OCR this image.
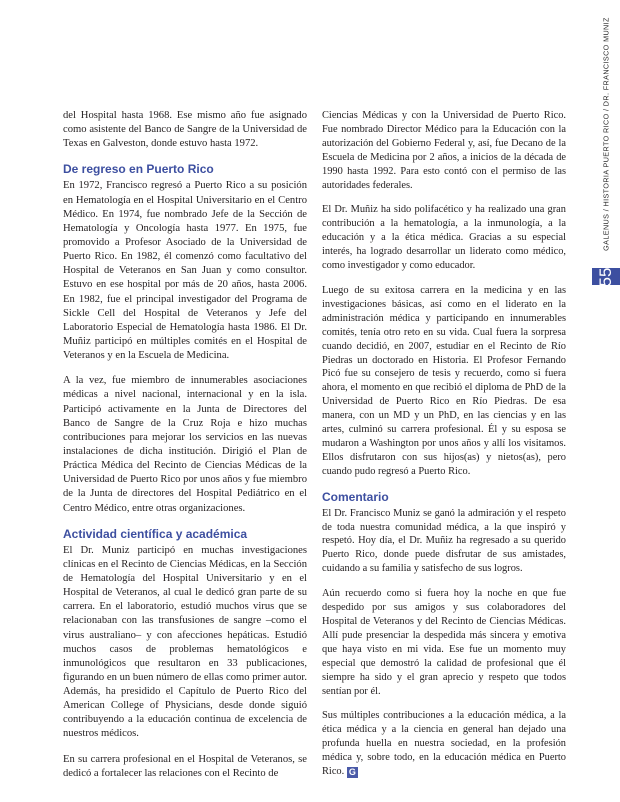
GALENUS / HISTORIA PUERTO RICO / DR. FRANCISCO MUNIZ
55

del Hospital hasta 1968. Ese mismo año fue asignado como asistente del Banco de Sangre de la Universidad de Texas en Galveston, donde estuvo hasta 1972.

De regreso en Puerto Rico

En 1972, Francisco regresó a Puerto Rico a su posición en Hematología en el Hospital Universitario en el Centro Médico. En 1974, fue nombrado Jefe de la Sección de Hematología y Oncología hasta 1977. En 1975, fue promovido a Profesor Asociado de la Universidad de Puerto Rico. En 1982, él comenzó como facultativo del Hospital de Veteranos en San Juan y como consultor. Estuvo en ese hospital por más de 20 años, hasta 2006. En 1982, fue el principal investigador del Programa de Sickle Cell del Hospital de Veteranos y Jefe del Laboratorio Especial de Hematología hasta 1986. El Dr. Muñiz participó en múltiples comités en el Hospital de Veteranos y en la Escuela de Medicina.

A la vez, fue miembro de innumerables asociaciones médicas a nivel nacional, internacional y en la isla. Participó activamente en la Junta de Directores del Banco de Sangre de la Cruz Roja e hizo muchas contribuciones para mejorar los servicios en las nuevas instalaciones de dicha institución. Dirigió el Plan de Práctica Médica del Recinto de Ciencias Médicas de la Universidad de Puerto Rico por unos años y fue miembro de la Junta de directores del Hospital Pediátrico en el Centro Médico, entre otras organizaciones.

Actividad científica y académica

El Dr. Muniz participó en muchas investigaciones clínicas en el Recinto de Ciencias Médicas, en la Sección de Hematología del Hospital Universitario y en el Hospital de Veteranos, al cual le dedicó gran parte de su carrera. En el laboratorio, estudió muchos virus que se relacionaban con las transfusiones de sangre –como el virus australiano– y con afecciones hepáticas. Estudió muchos casos de problemas hematológicos e inmunológicos que resultaron en 33 publicaciones, figurando en un buen número de ellas como primer autor. Además, ha presidido el Capítulo de Puerto Rico del American College of Physicians, desde donde siguió contribuyendo a la educación continua de excelencia de nuestros médicos.

En su carrera profesional en el Hospital de Veteranos, se dedicó a fortalecer las relaciones con el Recinto de

Ciencias Médicas y con la Universidad de Puerto Rico. Fue nombrado Director Médico para la Educación con la autorización del Gobierno Federal y, así, fue Decano de la Escuela de Medicina por 2 años, a inicios de la década de 1990 hasta 1992. Para esto contó con el permiso de las autoridades federales.

El Dr. Muñiz ha sido polifacético y ha realizado una gran contribución a la hematología, a la inmunología, a la educación y a la ética médica. Gracias a su especial interés, ha logrado desarrollar un liderato como médico, como investigador y como educador.

Luego de su exitosa carrera en la medicina y en las investigaciones básicas, así como en el liderato en la administración médica y participando en innumerables comités, tenía otro reto en su vida. Cual fuera la sorpresa cuando decidió, en 2007, estudiar en el Recinto de Río Piedras un doctorado en Historia. El Profesor Fernando Picó fue su consejero de tesis y recuerdo, como si fuera ahora, el momento en que recibió el diploma de PhD de la Universidad de Puerto Rico en Río Piedras. De esa manera, con un MD y un PhD, en las ciencias y en las artes, culminó su carrera profesional. Él y su esposa se mudaron a Washington por unos años y allí los visitamos. Ellos disfrutaron con sus hijos(as) y nietos(as), pero cuando pudo regresó a Puerto Rico.

Comentario

El Dr. Francisco Muniz se ganó la admiración y el respeto de toda nuestra comunidad médica, a la que inspiró y respetó. Hoy día, el Dr. Muñiz ha regresado a su querido Puerto Rico, donde puede disfrutar de sus amistades, cuidando a su familia y satisfecho de sus logros.

Aún recuerdo como si fuera hoy la noche en que fue despedido por sus amigos y sus colaboradores del Hospital de Veteranos y del Recinto de Ciencias Médicas. Allí pude presenciar la despedida más sincera y emotiva que haya visto en mi vida. Ese fue un momento muy especial que demostró la calidad de profesional que él siempre ha sido y el gran aprecio y respeto que todos sentían por él.

Sus múltiples contribuciones a la educación médica, a la ética médica y a la ciencia en general han dejado una profunda huella en nuestra sociedad, en la profesión médica y, sobre todo, en la educación médica en Puerto Rico. G
